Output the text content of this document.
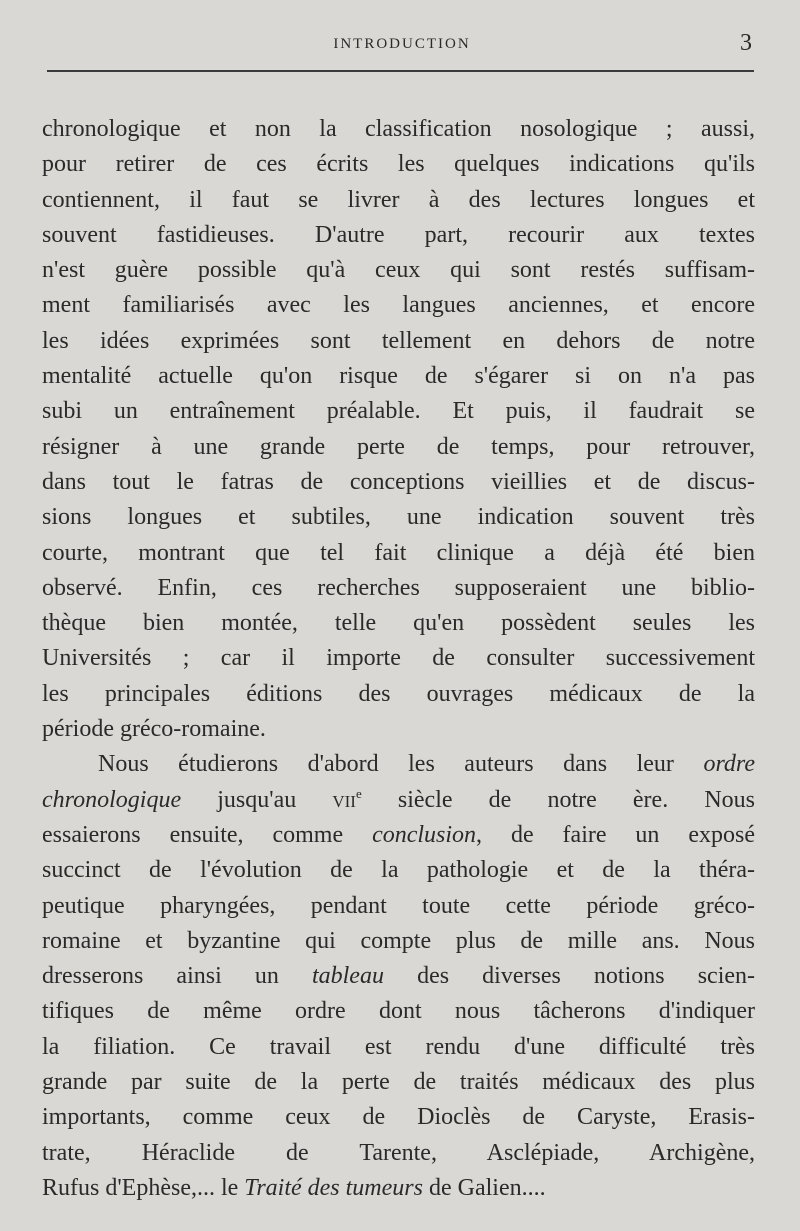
INTRODUCTION	3
chronologique et non la classification nosologique ; aussi,
pour retirer de ces écrits les quelques indications qu'ils
contiennent, il faut se livrer à des lectures longues et
souvent fastidieuses. D'autre part, recourir aux textes
n'est guère possible qu'à ceux qui sont restés suffisam-
ment familiarisés avec les langues anciennes, et encore
les idées exprimées sont tellement en dehors de notre
mentalité actuelle qu'on risque de s'égarer si on n'a pas
subi un entraînement préalable. Et puis, il faudrait se
résigner à une grande perte de temps, pour retrouver,
dans tout le fatras de conceptions vieillies et de discus-
sions longues et subtiles, une indication souvent très
courte, montrant que tel fait clinique a déjà été bien
observé. Enfin, ces recherches supposeraient une biblio-
thèque bien montée, telle qu'en possèdent seules les
Universités ; car il importe de consulter successivement
les principales éditions des ouvrages médicaux de la
période gréco-romaine.
Nous étudierons d'abord les auteurs dans leur ordre
chronologique jusqu'au vii$^e$ siècle de notre ère. Nous
essaierons ensuite, comme conclusion, de faire un exposé
succinct de l'évolution de la pathologie et de la théra-
peutique pharyngées, pendant toute cette période gréco-
romaine et byzantine qui compte plus de mille ans. Nous
dresserons ainsi un tableau des diverses notions scien-
tifiques de même ordre dont nous tâcherons d'indiquer
la filiation. Ce travail est rendu d'une difficulté très
grande par suite de la perte de traités médicaux des plus
importants, comme ceux de Dioclès de Caryste, Erasis-
trate, Héraclide de Tarente, Asclépiade, Archigène,
Rufus d'Ephèse,... le Traité des tumeurs de Galien....
